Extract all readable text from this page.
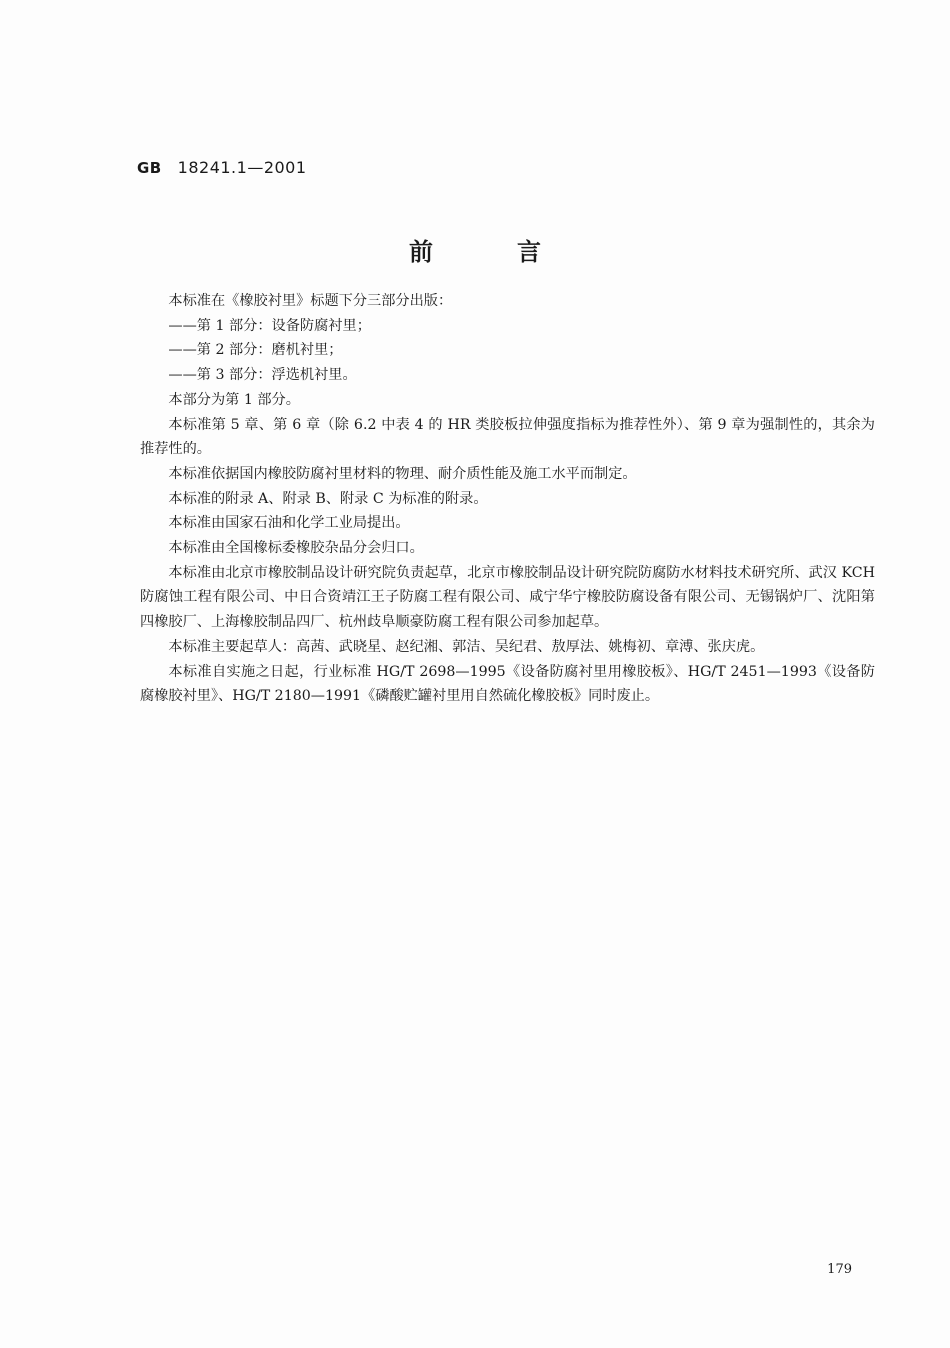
GB 18241.1—2001
前言

本标准在《橡胶衬里》标题下分三部分出版：

——第 1 部分：设备防腐衬里；

——第 2 部分：磨机衬里；

——第 3 部分：浮选机衬里。

本部分为第 1 部分。

本标准第 5 章、第 6 章（除 6.2 中表 4 的 HR 类胶板拉伸强度指标为推荐性外）、第 9 章为强制性的，其余为推荐性的。

本标准依据国内橡胶防腐衬里材料的物理、耐介质性能及施工水平而制定。

本标准的附录 A、附录 B、附录 C 为标准的附录。

本标准由国家石油和化学工业局提出。

本标准由全国橡标委橡胶杂品分会归口。

本标准由北京市橡胶制品设计研究院负责起草，北京市橡胶制品设计研究院防腐防水材料技术研究所、武汉 KCH 防腐蚀工程有限公司、中日合资靖江王子防腐工程有限公司、咸宁华宁橡胶防腐设备有限公司、无锡锅炉厂、沈阳第四橡胶厂、上海橡胶制品四厂、杭州歧阜顺豪防腐工程有限公司参加起草。

本标准主要起草人：高茜、武晓星、赵纪湘、郭洁、吴纪君、敖厚法、姚梅初、章溥、张庆虎。

本标准自实施之日起，行业标准 HG/T 2698—1995《设备防腐衬里用橡胶板》、HG/T 2451—1993《设备防腐橡胶衬里》、HG/T 2180—1991《磷酸贮罐衬里用自然硫化橡胶板》同时废止。

179
